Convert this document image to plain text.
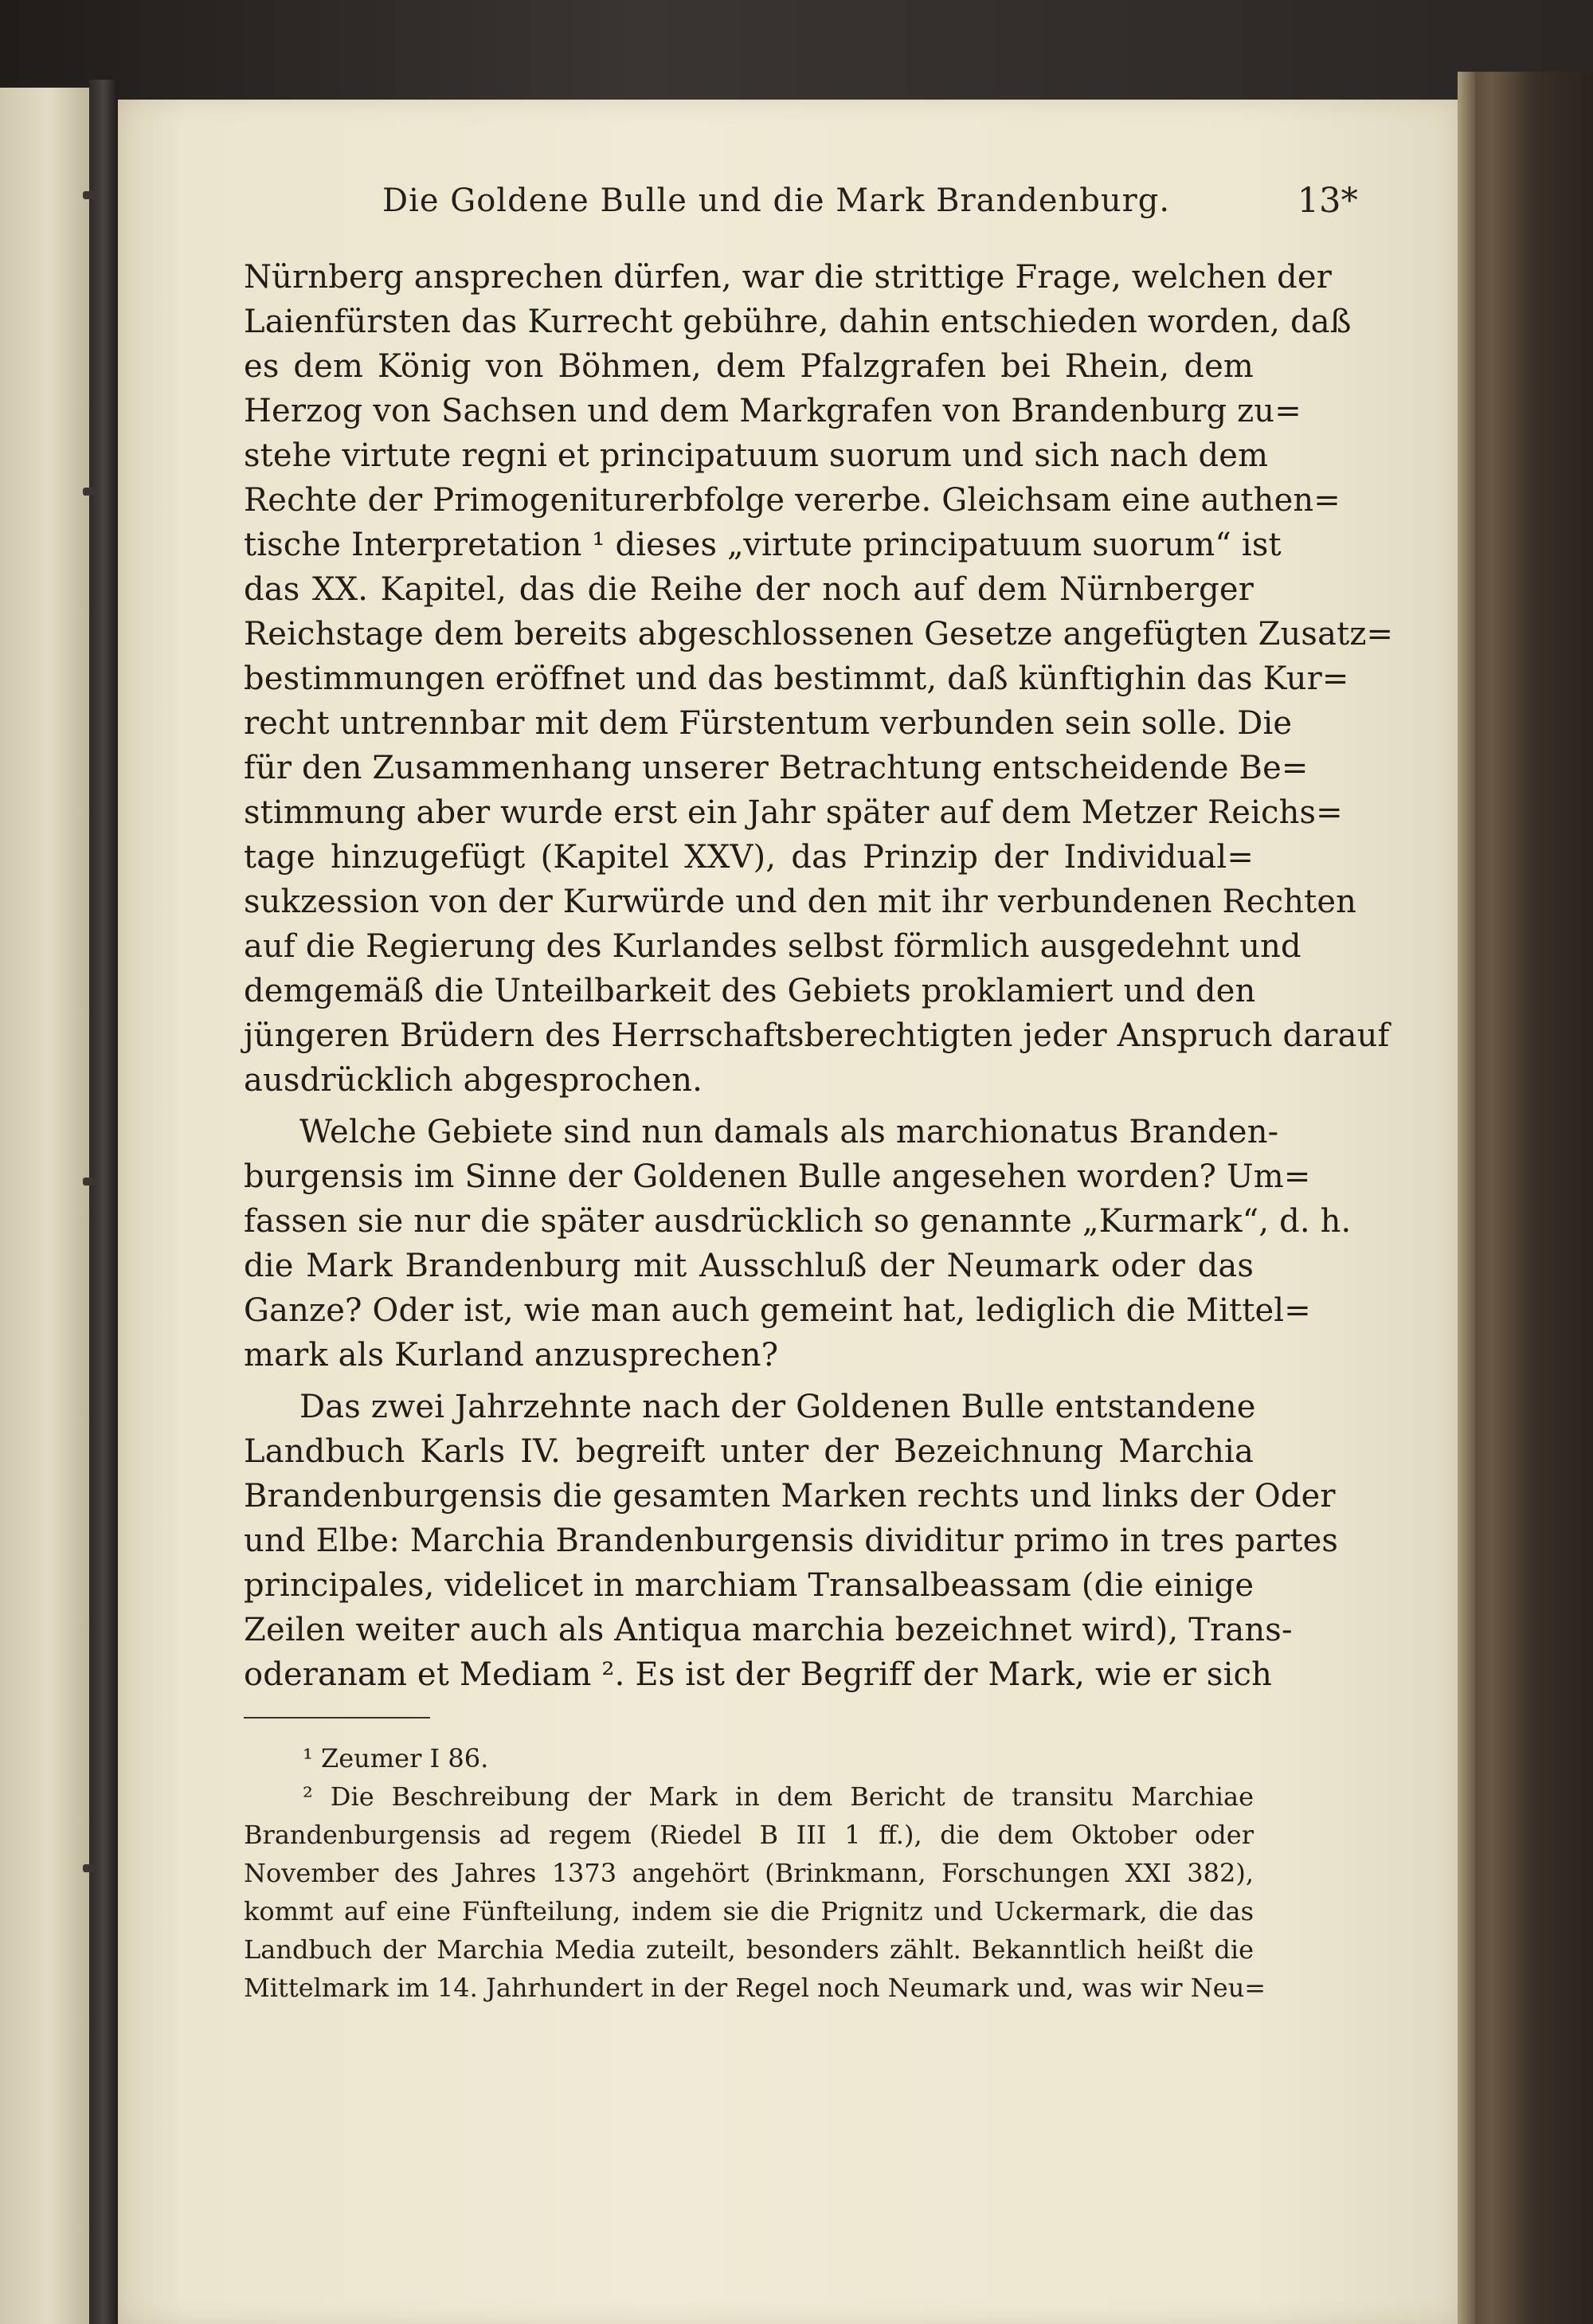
Die Goldene Bulle und die Mark Brandenburg.	13*
Nürnberg ansprechen dürfen, war die strittige Frage, welchen der
Laienfürsten das Kurrecht gebühre, dahin entschieden worden, daß
es dem König von Böhmen, dem Pfalzgrafen bei Rhein, dem
Herzog von Sachsen und dem Markgrafen von Brandenburg zu=
stehe virtute regni et principatuum suorum und sich nach dem
Rechte der Primogeniturerbfolge vererbe. Gleichsam eine authen=
tische Interpretation ¹ dieses „virtute principatuum suorum“ ist
das XX. Kapitel, das die Reihe der noch auf dem Nürnberger
Reichstage dem bereits abgeschlossenen Gesetze angefügten Zusatz=
bestimmungen eröffnet und das bestimmt, daß künftighin das Kur=
recht untrennbar mit dem Fürstentum verbunden sein solle. Die
für den Zusammenhang unserer Betrachtung entscheidende Be=
stimmung aber wurde erst ein Jahr später auf dem Metzer Reichs=
tage hinzugefügt (Kapitel XXV), das Prinzip der Individual=
sukzession von der Kurwürde und den mit ihr verbundenen Rechten
auf die Regierung des Kurlandes selbst förmlich ausgedehnt und
demgemäß die Unteilbarkeit des Gebiets proklamiert und den
jüngeren Brüdern des Herrschaftsberechtigten jeder Anspruch darauf
ausdrücklich abgesprochen.
Welche Gebiete sind nun damals als marchionatus Branden-
burgensis im Sinne der Goldenen Bulle angesehen worden? Um=
fassen sie nur die später ausdrücklich so genannte „Kurmark“, d. h.
die Mark Brandenburg mit Ausschluß der Neumark oder das
Ganze? Oder ist, wie man auch gemeint hat, lediglich die Mittel=
mark als Kurland anzusprechen?
Das zwei Jahrzehnte nach der Goldenen Bulle entstandene
Landbuch Karls IV. begreift unter der Bezeichnung Marchia
Brandenburgensis die gesamten Marken rechts und links der Oder
und Elbe: Marchia Brandenburgensis dividitur primo in tres partes
principales, videlicet in marchiam Transalbeassam (die einige
Zeilen weiter auch als Antiqua marchia bezeichnet wird), Trans-
oderanam et Mediam ². Es ist der Begriff der Mark, wie er sich
¹ Zeumer I 86.
² Die Beschreibung der Mark in dem Bericht de transitu Marchiae
Brandenburgensis ad regem (Riedel B III 1 ff.), die dem Oktober oder
November des Jahres 1373 angehört (Brinkmann, Forschungen XXI 382),
kommt auf eine Fünfteilung, indem sie die Prignitz und Uckermark, die das
Landbuch der Marchia Media zuteilt, besonders zählt. Bekanntlich heißt die
Mittelmark im 14. Jahrhundert in der Regel noch Neumark und, was wir Neu=
